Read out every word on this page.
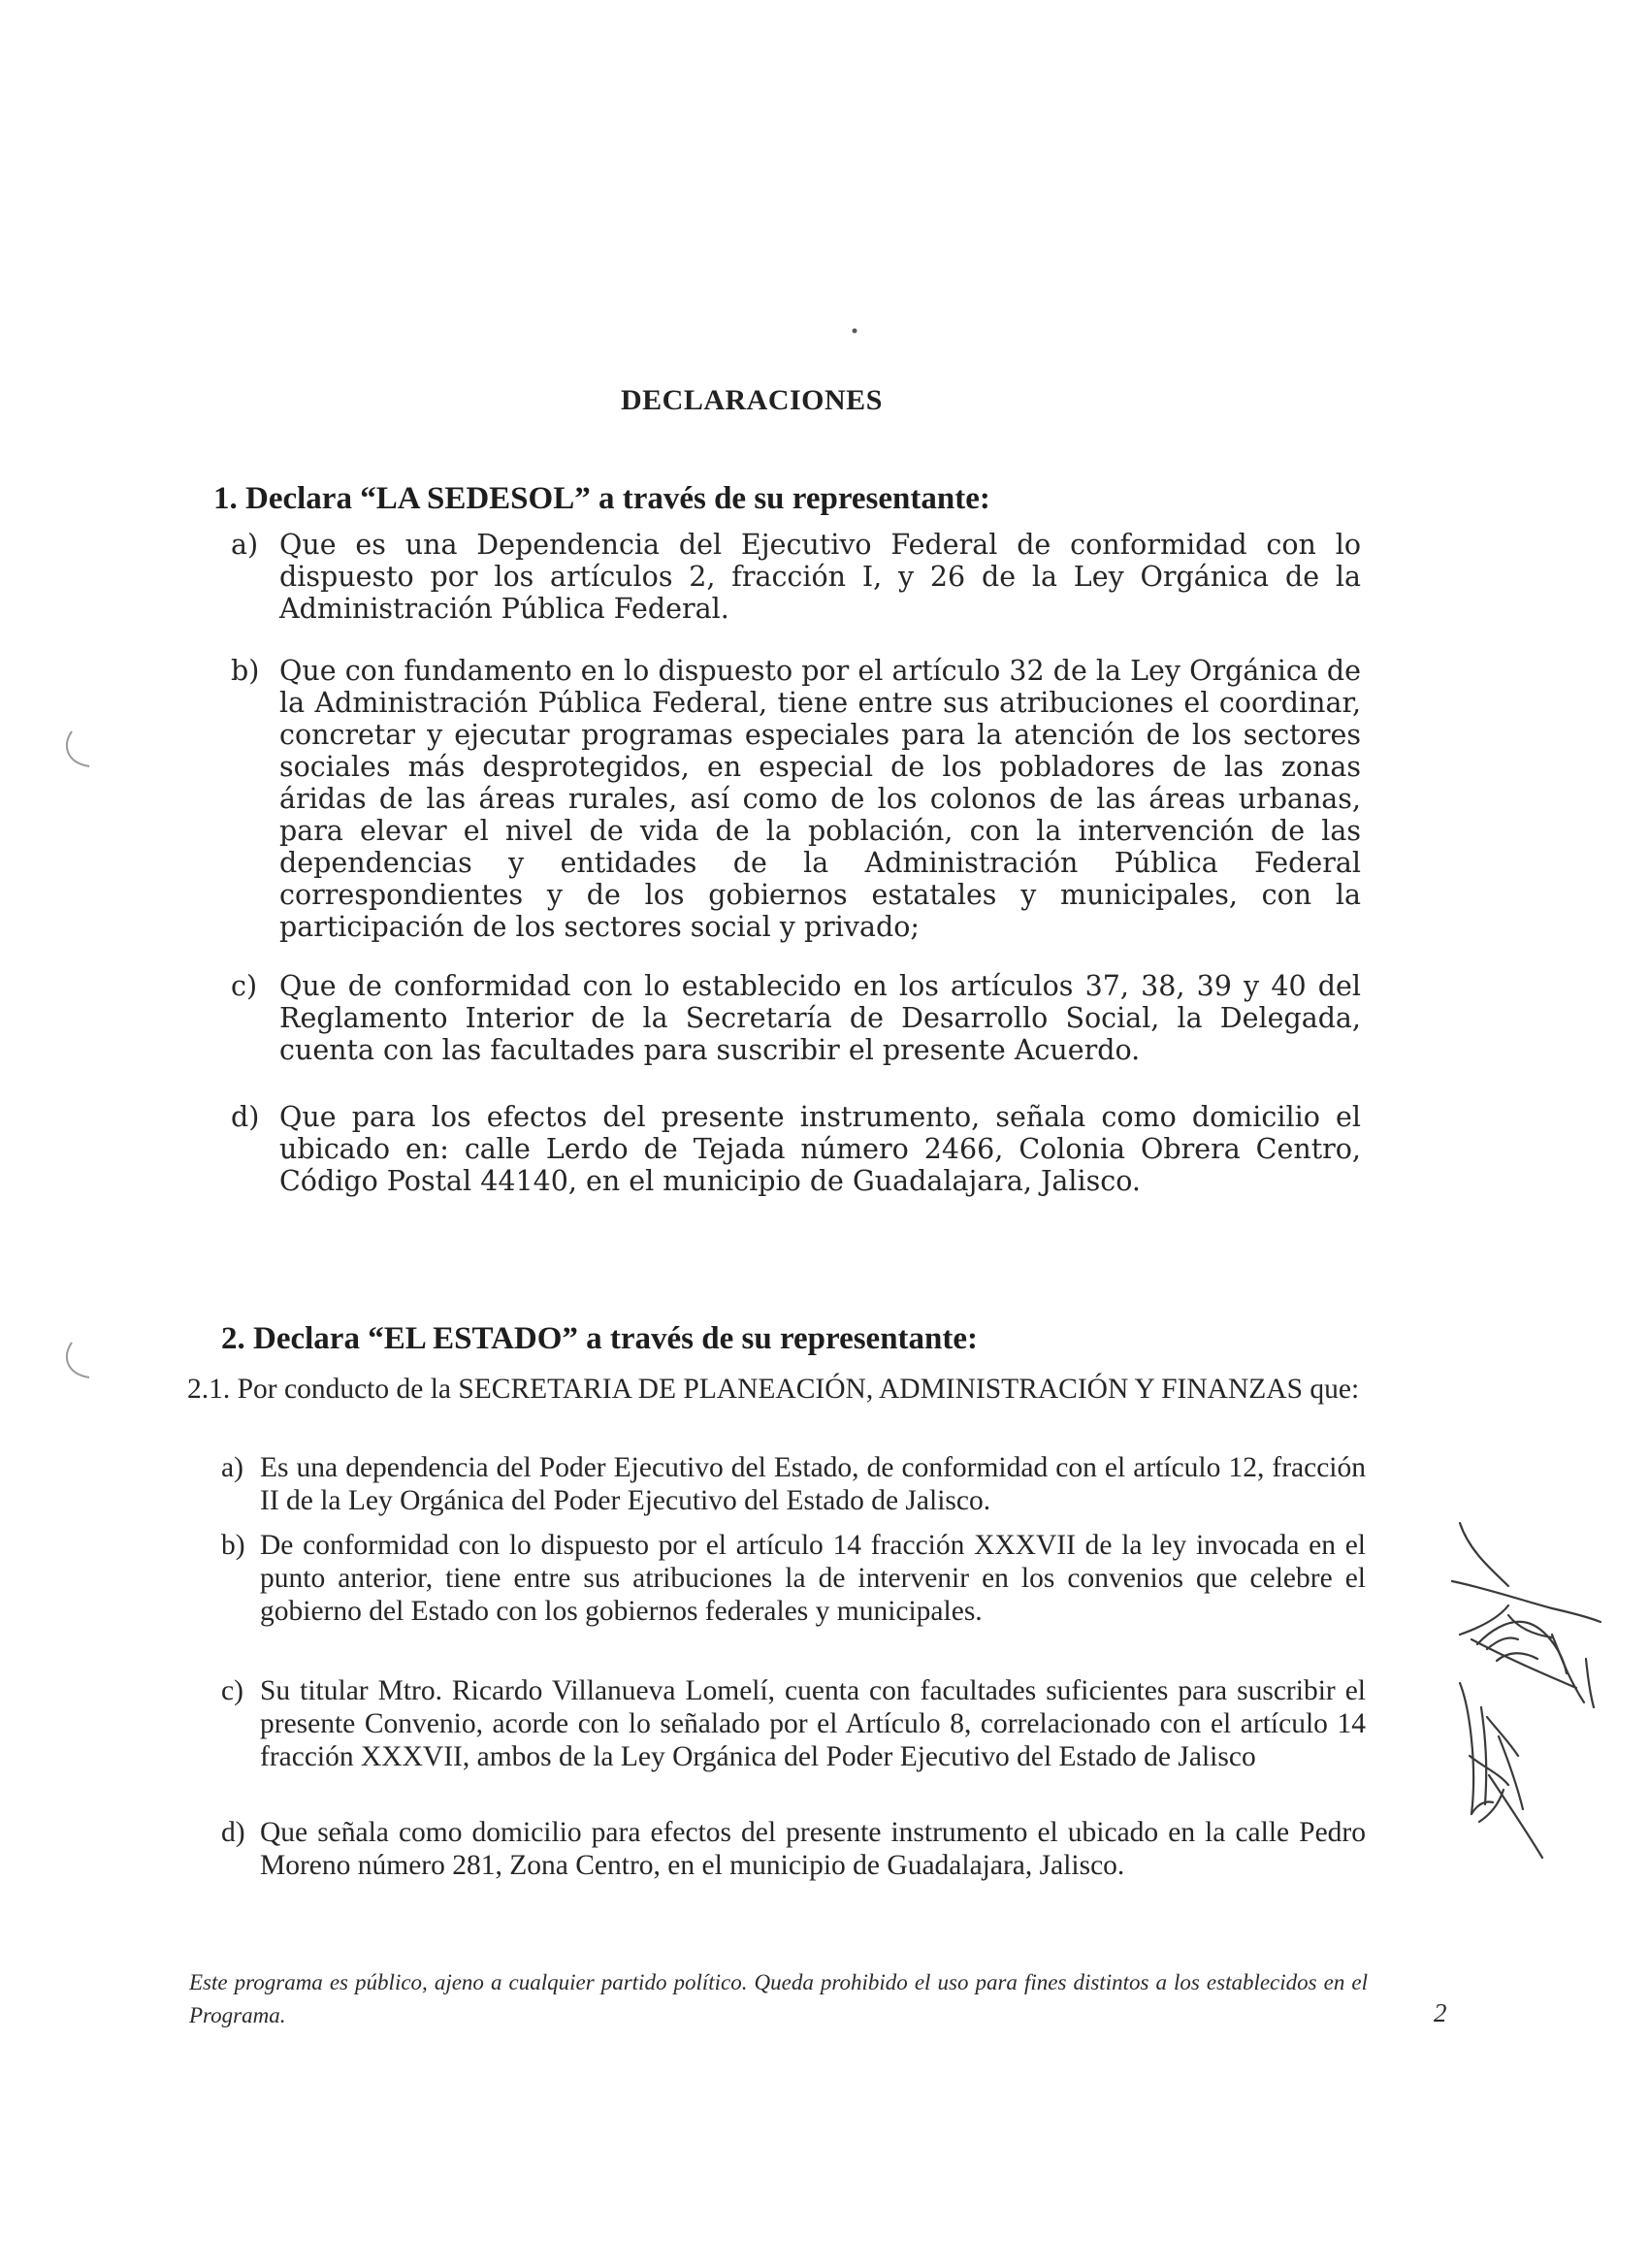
DECLARACIONES
1. Declara “LA SEDESOL” a través de su representante:
a) Que es una Dependencia del Ejecutivo Federal de conformidad con lo dispuesto por los artículos 2, fracción I, y 26 de la Ley Orgánica de la Administración Pública Federal.
b) Que con fundamento en lo dispuesto por el artículo 32 de la Ley Orgánica de la Administración Pública Federal, tiene entre sus atribuciones el coordinar, concretar y ejecutar programas especiales para la atención de los sectores sociales más desprotegidos, en especial de los pobladores de las zonas áridas de las áreas rurales, así como de los colonos de las áreas urbanas, para elevar el nivel de vida de la población, con la intervención de las dependencias y entidades de la Administración Pública Federal correspondientes y de los gobiernos estatales y municipales, con la participación de los sectores social y privado;
c) Que de conformidad con lo establecido en los artículos 37, 38, 39 y 40 del Reglamento Interior de la Secretaría de Desarrollo Social, la Delegada, cuenta con las facultades para suscribir el presente Acuerdo.
d) Que para los efectos del presente instrumento, señala como domicilio el ubicado en: calle Lerdo de Tejada número 2466, Colonia Obrera Centro, Código Postal 44140, en el municipio de Guadalajara, Jalisco.
2. Declara “EL ESTADO” a través de su representante:
2.1. Por conducto de la SECRETARIA DE PLANEACIÓN, ADMINISTRACIÓN Y FINANZAS que:
a) Es una dependencia del Poder Ejecutivo del Estado, de conformidad con el artículo 12, fracción II de la Ley Orgánica del Poder Ejecutivo del Estado de Jalisco.
b) De conformidad con lo dispuesto por el artículo 14 fracción XXXVII de la ley invocada en el punto anterior, tiene entre sus atribuciones la de intervenir en los convenios que celebre el gobierno del Estado con los gobiernos federales y municipales.
c) Su titular Mtro. Ricardo Villanueva Lomelí, cuenta con facultades suficientes para suscribir el presente Convenio, acorde con lo señalado por el Artículo 8, correlacionado con el artículo 14 fracción XXXVII, ambos de la Ley Orgánica del Poder Ejecutivo del Estado de Jalisco
d) Que señala como domicilio para efectos del presente instrumento el ubicado en la calle Pedro Moreno número 281, Zona Centro, en el municipio de Guadalajara, Jalisco.
Este programa es público, ajeno a cualquier partido político. Queda prohibido el uso para fines distintos a los establecidos en el Programa.	2
